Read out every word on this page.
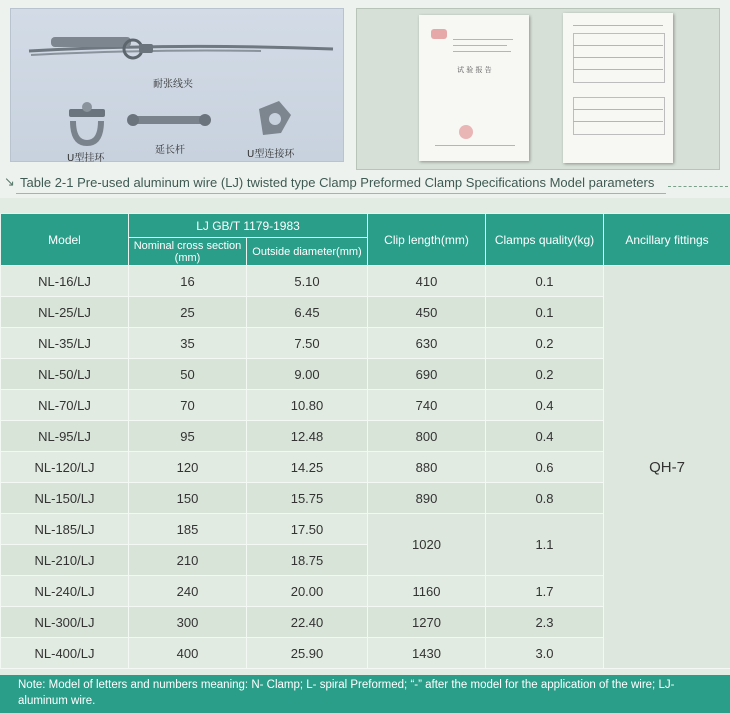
耐张线夹
U型挂环
延长杆	U型连接环
试 验 报 告
↘ Table 2-1 Pre-used aluminum wire (LJ) twisted type Clamp Preformed Clamp Specifications Model parameters
Model	LJ GB/T 1179-1983		Clip length(mm)	Clamps quality(kg)	Ancillary fittings
	Nominal cross section (mm)	Outside diameter(mm)			
NL-16/LJ	16	5.10	410	0.1	QH-7
NL-25/LJ	25	6.45	450	0.1	
NL-35/LJ	35	7.50	630	0.2	
NL-50/LJ	50	9.00	690	0.2	
NL-70/LJ	70	10.80	740	0.4	
NL-95/LJ	95	12.48	800	0.4	
NL-120/LJ	120	14.25	880	0.6	
NL-150/LJ	150	15.75	890	0.8	
NL-185/LJ	185	17.50	1020	1.1	
NL-210/LJ	210	18.75			
NL-240/LJ	240	20.00	1160	1.7	
NL-300/LJ	300	22.40	1270	2.3	
NL-400/LJ	400	25.90	1430	3.0	
Note: Model of letters and numbers meaning: N- Clamp; L- spiral Preformed; “-” after the model for the application of the wire; LJ- aluminum wire.
